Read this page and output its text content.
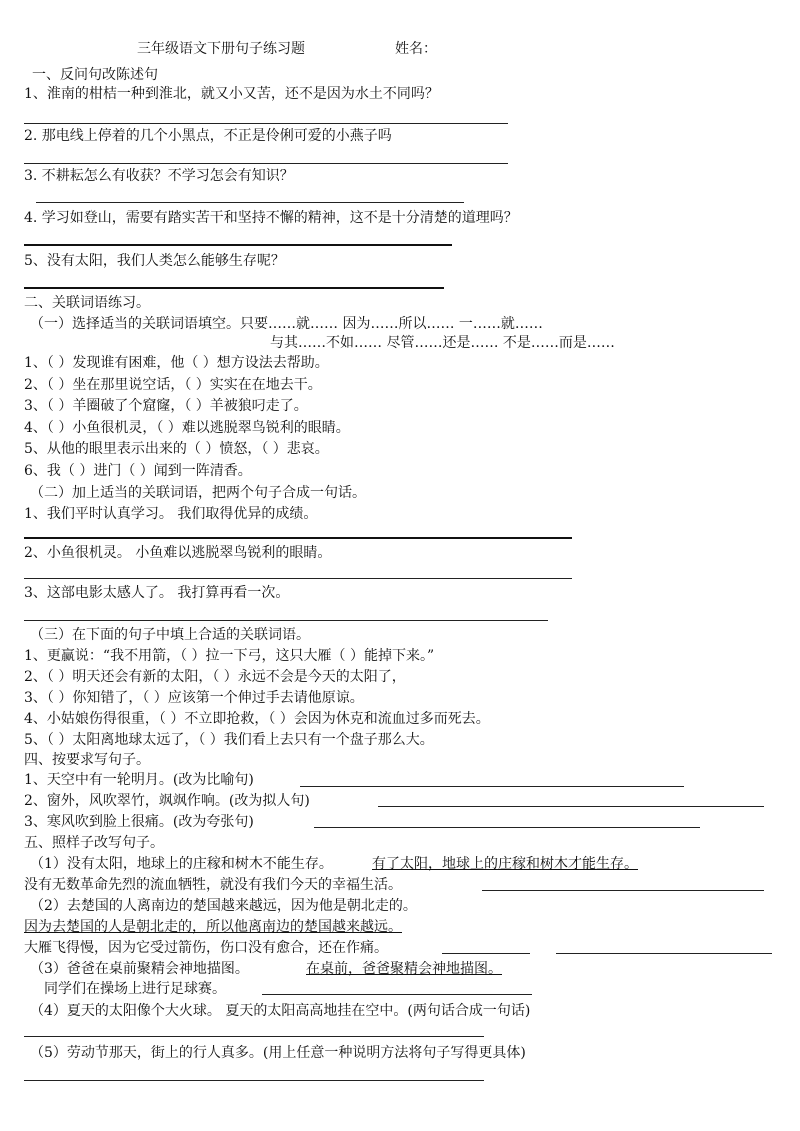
三年级语文下册句子练习题	姓名：
一、反问句改陈述句
1、淮南的柑桔一种到淮北，就又小又苦，还不是因为水土不同吗？
2. 那电线上停着的几个小黑点，不正是伶俐可爱的小燕子吗
3. 不耕耘怎么有收获？不学习怎会有知识？
4. 学习如登山，需要有踏实苦干和坚持不懈的精神，这不是十分清楚的道理吗？
5、没有太阳，我们人类怎么能够生存呢？
二、关联词语练习。
（一）选择适当的关联词语填空。只要……就…… 因为……所以…… 一……就……
与其……不如…… 尽管……还是…… 不是……而是……
1、（ ）发现谁有困难，他（ ）想方设法去帮助。
2、（ ）坐在那里说空话，（ ）实实在在地去干。
3、（ ）羊圈破了个窟窿，（ ）羊被狼叼走了。
4、（ ）小鱼很机灵，（ ）难以逃脱翠鸟锐利的眼睛。
5、从他的眼里表示出来的（ ）愤怒，（ ）悲哀。
6、我（ ）进门（ ）闻到一阵清香。
（二）加上适当的关联词语，把两个句子合成一句话。
1、我们平时认真学习。 我们取得优异的成绩。
2、小鱼很机灵。 小鱼难以逃脱翠鸟锐利的眼睛。
3、这部电影太感人了。 我打算再看一次。
（三）在下面的句子中填上合适的关联词语。
1、更赢说：“我不用箭，（ ）拉一下弓，这只大雁（ ）能掉下来。”
2、（ ）明天还会有新的太阳，（ ）永远不会是今天的太阳了，
3、（ ）你知错了，（ ）应该第一个伸过手去请他原谅。
4、小姑娘伤得很重，（ ）不立即抢救，（ ）会因为休克和流血过多而死去。
5、（ ）太阳离地球太远了，（ ）我们看上去只有一个盘子那么大。
四、按要求写句子。
1、天空中有一轮明月。(改为比喻句)
2、窗外，风吹翠竹，飒飒作响。(改为拟人句)
3、寒风吹到脸上很痛。(改为夸张句)
五、照样子改写句子。
（1）没有太阳，地球上的庄稼和树木不能生存。	有了太阳，地球上的庄稼和树木才能生存。
没有无数革命先烈的流血牺牲，就没有我们今天的幸福生活。
（2）去楚国的人离南边的楚国越来越远，因为他是朝北走的。
因为去楚国的人是朝北走的，所以他离南边的楚国越来越远。
大雁飞得慢，因为它受过箭伤，伤口没有愈合，还在作痛。
（3）爸爸在桌前聚精会神地描图。	在桌前，爸爸聚精会神地描图。
同学们在操场上进行足球赛。
（4）夏天的太阳像个大火球。 夏天的太阳高高地挂在空中。(两句话合成一句话)
（5）劳动节那天，街上的行人真多。(用上任意一种说明方法将句子写得更具体)
